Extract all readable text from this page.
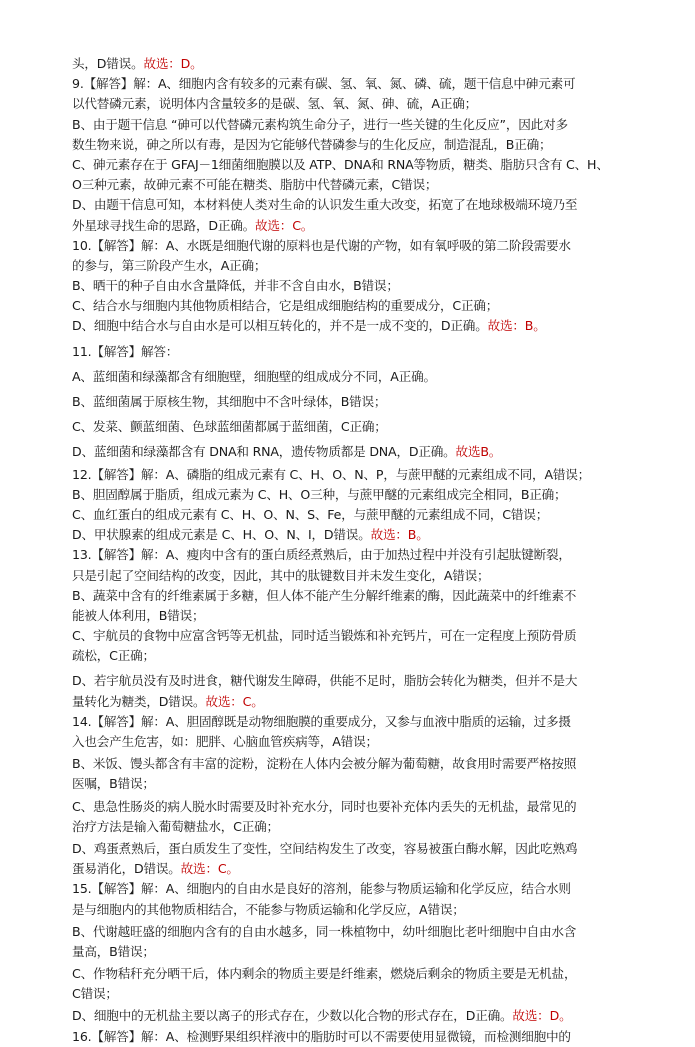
头，D错误。故选：D。
9.【解答】解：A、细胞内含有较多的元素有碳、氢、氧、氮、磷、硫，题干信息中砷元素可
以代替磷元素，说明体内含量较多的是碳、氢、氧、氮、砷、硫，A正确；
B、由于题干信息 “砷可以代替磷元素构筑生命分子，进行一些关键的生化反应”，因此对多
数生物来说，砷之所以有毒，是因为它能够代替磷参与的生化反应，制造混乱，B正确；
C、砷元素存在于 GFAJ－1细菌细胞膜以及 ATP、DNA和 RNA等物质，糖类、脂肪只含有 C、H、
O三种元素，故砷元素不可能在糖类、脂肪中代替磷元素，C错误；
D、由题干信息可知，本材料使人类对生命的认识发生重大改变，拓宽了在地球极端环境乃至
外星球寻找生命的思路，D正确。故选：C。
10.【解答】解：A、水既是细胞代谢的原料也是代谢的产物，如有氧呼吸的第二阶段需要水
的参与，第三阶段产生水，A正确；
B、晒干的种子自由水含量降低，并非不含自由水，B错误；
C、结合水与细胞内其他物质相结合，它是组成细胞结构的重要成分，C正确；
D、细胞中结合水与自由水是可以相互转化的，并不是一成不变的，D正确。故选：B。
11.【解答】解答：
A、蓝细菌和绿藻都含有细胞壁，细胞壁的组成成分不同，A正确。
B、蓝细菌属于原核生物，其细胞中不含叶绿体，B错误；
C、发菜、颤蓝细菌、色球蓝细菌都属于蓝细菌，C正确；
D、蓝细菌和绿藻都含有 DNA和 RNA，遗传物质都是 DNA，D正确。故选B。
12.【解答】解：A、磷脂的组成元素有 C、H、O、N、P，与蔗甲醚的元素组成不同，A错误；
B、胆固醇属于脂质，组成元素为 C、H、O三种，与蔗甲醚的元素组成完全相同，B正确；
C、血红蛋白的组成元素有 C、H、O、N、S、Fe，与蔗甲醚的元素组成不同，C错误；
D、甲状腺素的组成元素是 C、H、O、N、I，D错误。故选：B。
13.【解答】解：A、瘦肉中含有的蛋白质经煮熟后，由于加热过程中并没有引起肽键断裂，
只是引起了空间结构的改变，因此，其中的肽键数目并未发生变化，A错误；
B、蔬菜中含有的纤维素属于多糖，但人体不能产生分解纤维素的酶，因此蔬菜中的纤维素不
能被人体利用，B错误；
C、宇航员的食物中应富含钙等无机盐，同时适当锻炼和补充钙片，可在一定程度上预防骨质
疏松，C正确；
D、若宇航员没有及时进食，糖代谢发生障碍，供能不足时，脂肪会转化为糖类，但并不是大
量转化为糖类，D错误。故选：C。
14.【解答】解：A、胆固醇既是动物细胞膜的重要成分，又参与血液中脂质的运输，过多摄
入也会产生危害，如：肥胖、心脑血管疾病等，A错误；
B、米饭、馒头都含有丰富的淀粉，淀粉在人体内会被分解为葡萄糖，故食用时需要严格按照
医嘱，B错误；
C、患急性肠炎的病人脱水时需要及时补充水分，同时也要补充体内丢失的无机盐，最常见的
治疗方法是输入葡萄糖盐水，C正确；
D、鸡蛋煮熟后，蛋白质发生了变性，空间结构发生了改变，容易被蛋白酶水解，因此吃熟鸡
蛋易消化，D错误。故选：C。
15.【解答】解：A、细胞内的自由水是良好的溶剂，能参与物质运输和化学反应，结合水则
是与细胞内的其他物质相结合，不能参与物质运输和化学反应，A错误；
B、代谢越旺盛的细胞内含有的自由水越多，同一株植物中，幼叶细胞比老叶细胞中自由水含
量高，B错误；
C、作物秸秆充分晒干后，体内剩余的物质主要是纤维素，燃烧后剩余的物质主要是无机盐，
C错误；
D、细胞中的无机盐主要以离子的形式存在，少数以化合物的形式存在，D正确。故选：D。
16.【解答】解：A、检测野果组织样液中的脂肪时可以不需要使用显微镜，而检测细胞中的
